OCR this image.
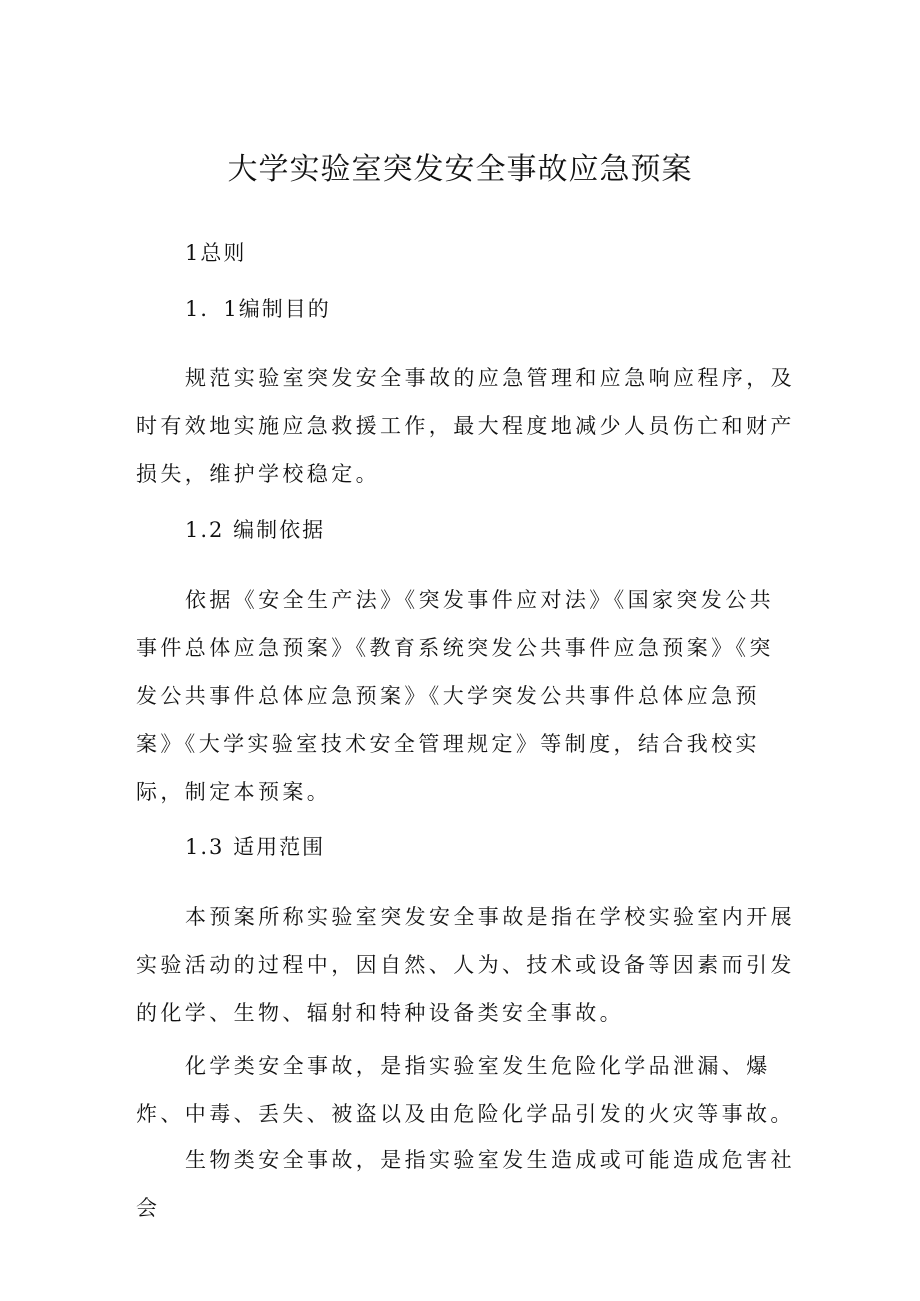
大学实验室突发安全事故应急预案

1总则

1．1编制目的

规范实验室突发安全事故的应急管理和应急响应程序，及时有效地实施应急救援工作，最大程度地减少人员伤亡和财产损失，维护学校稳定。

1.2 编制依据

依据《安全生产法》《突发事件应对法》《国家突发公共事件总体应急预案》《教育系统突发公共事件应急预案》《突发公共事件总体应急预案》《大学突发公共事件总体应急预案》《大学实验室技术安全管理规定》等制度，结合我校实际，制定本预案。

1.3 适用范围

本预案所称实验室突发安全事故是指在学校实验室内开展实验活动的过程中，因自然、人为、技术或设备等因素而引发的化学、生物、辐射和特种设备类安全事故。

化学类安全事故，是指实验室发生危险化学品泄漏、爆炸、中毒、丢失、被盗以及由危险化学品引发的火灾等事故。

生物类安全事故，是指实验室发生造成或可能造成危害社会
